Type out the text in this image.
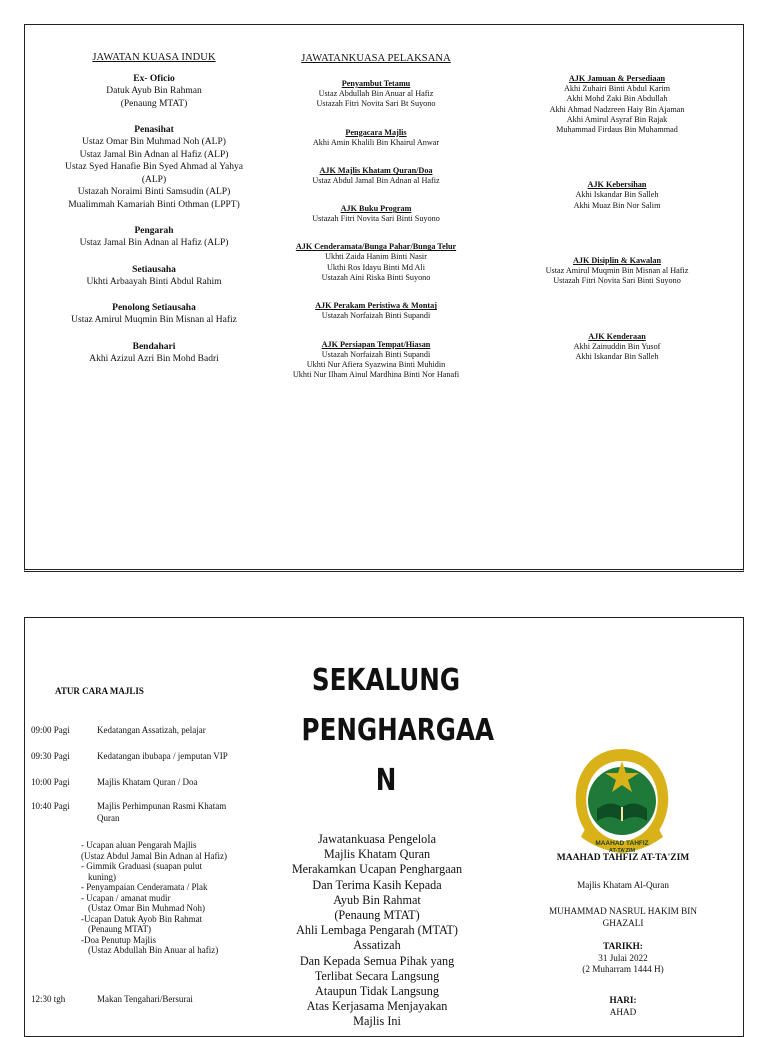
JAWATAN KUASA INDUK
Ex- Oficio
Datuk Ayub Bin Rahman
(Penaung MTAT)
Penasihat
Ustaz Omar Bin Muhmad Noh (ALP)
Ustaz Jamal Bin Adnan al Hafiz (ALP)
Ustaz Syed Hanafie Bin Syed Ahmad al Yahya
(ALP)
Ustazah Noraimi Binti Samsudin (ALP)
Mualimmah Kamariah Binti Othman (LPPT)
Pengarah
Ustaz Jamal Bin Adnan al Hafiz (ALP)
Setiausaha
Ukhti Arbaayah Binti Abdul Rahim
Penolong Setiausaha
Ustaz Amirul Muqmin Bin Misnan al Hafiz
Bendahari
Akhi Azizul Azri Bin Mohd Badri
JAWATANKUASA PELAKSANA
Penyambut Tetamu
Ustaz Abdullah Bin Anuar al Hafiz
Ustazah Fitri Novita Sari Bt Suyono
Pengacara Majlis
Akhi Amin Khalili Bin Khairul Anwar
AJK Majlis Khatam Quran/Doa
Ustaz Abdul Jamal Bin Adnan al Hafiz
AJK Buku Program
Ustazah Fitri Novita Sari Binti Suyono
AJK Cenderamata/Bunga Pahar/Bunga Telur
Ukhti Zaida Hanim Binti Nasir
Ukthi Ros Idayu Binti Md Ali
Ustazah Aini Riska Binti Suyono
AJK Perakam Peristiwa & Montaj
Ustazah Norfaizah Binti Supandi
AJK Persiapan Tempat/Hiasan
Ustazah Norfaizah Binti Supandi
Ukhti Nur Afiera Syazwina Binti Muhidin
Ukhti Nur Ilham Ainul Mardhina Binti Nor Hanafi
AJK Jamuan & Persediaan
Akhi Zuhairi Binti Abdul Karim
Akhi Mohd Zaki Bin Abdullah
Akhi Ahmad Nadzreen Haiy Bin Ajaman
Akhi Amirul Asyraf Bin Rajak
Muhammad Firdaus Bin Muhammad
AJK Kebersihan
Akhi Iskandar Bin Salleh
Akhi Muaz Bin Nor Salim
AJK Disiplin & Kawalan
Ustaz Amirul Muqmin Bin Misnan al Hafiz
Ustazah Fitri Novita Sari Binti Suyono
AJK Kenderaan
Akhi Zainuddin Bin Yusof
Akhi Iskandar Bin Salleh
ATUR CARA MAJLIS
09:00 Pagi	Kedatangan Assatizah, pelajar
09:30 Pagi	Kedatangan ibubapa / jemputan VIP
10:00 Pagi	Majlis Khatam Quran / Doa
10:40 Pagi	Majlis Perhimpunan Rasmi Khatam Quran
- Ucapan aluan Pengarah Majlis
(Ustaz Abdul Jamal Bin Adnan al Hafiz)
- Gimmik Graduasi (suapan pulut
kuning)
- Penyampaian Cenderamata / Plak
- Ucapan / amanat mudir
(Ustaz Omar Bin Muhmad Noh)
-Ucapan Datuk Ayob Bin Rahmat
(Penaung MTAT)
-Doa Penutup Majlis
(Ustaz Abdullah Bin Anuar al hafiz)
12:30 tgh	Makan Tengahari/Bersurai
SEKALUNG
PENGHARGAA
N
Jawatankuasa Pengelola
Majlis Khatam Quran
Merakamkan Ucapan Penghargaan
Dan Terima Kasih Kepada
Ayub Bin Rahmat
(Penaung MTAT)
Ahli Lembaga Pengarah (MTAT)
Assatizah
Dan Kepada Semua Pihak yang
Terlibat Secara Langsung
Ataupun Tidak Langsung
Atas Kerjasama Menjayakan
Majlis Ini
MAAHAD TAHFIZ
AT-TA'ZIM
MAAHAD TAHFIZ AT-TA'ZIM
Majlis Khatam Al-Quran
MUHAMMAD NASRUL HAKIM BIN
GHAZALI
TARIKH:
31 Julai 2022
(2 Muharram 1444 H)
HARI:
AHAD
